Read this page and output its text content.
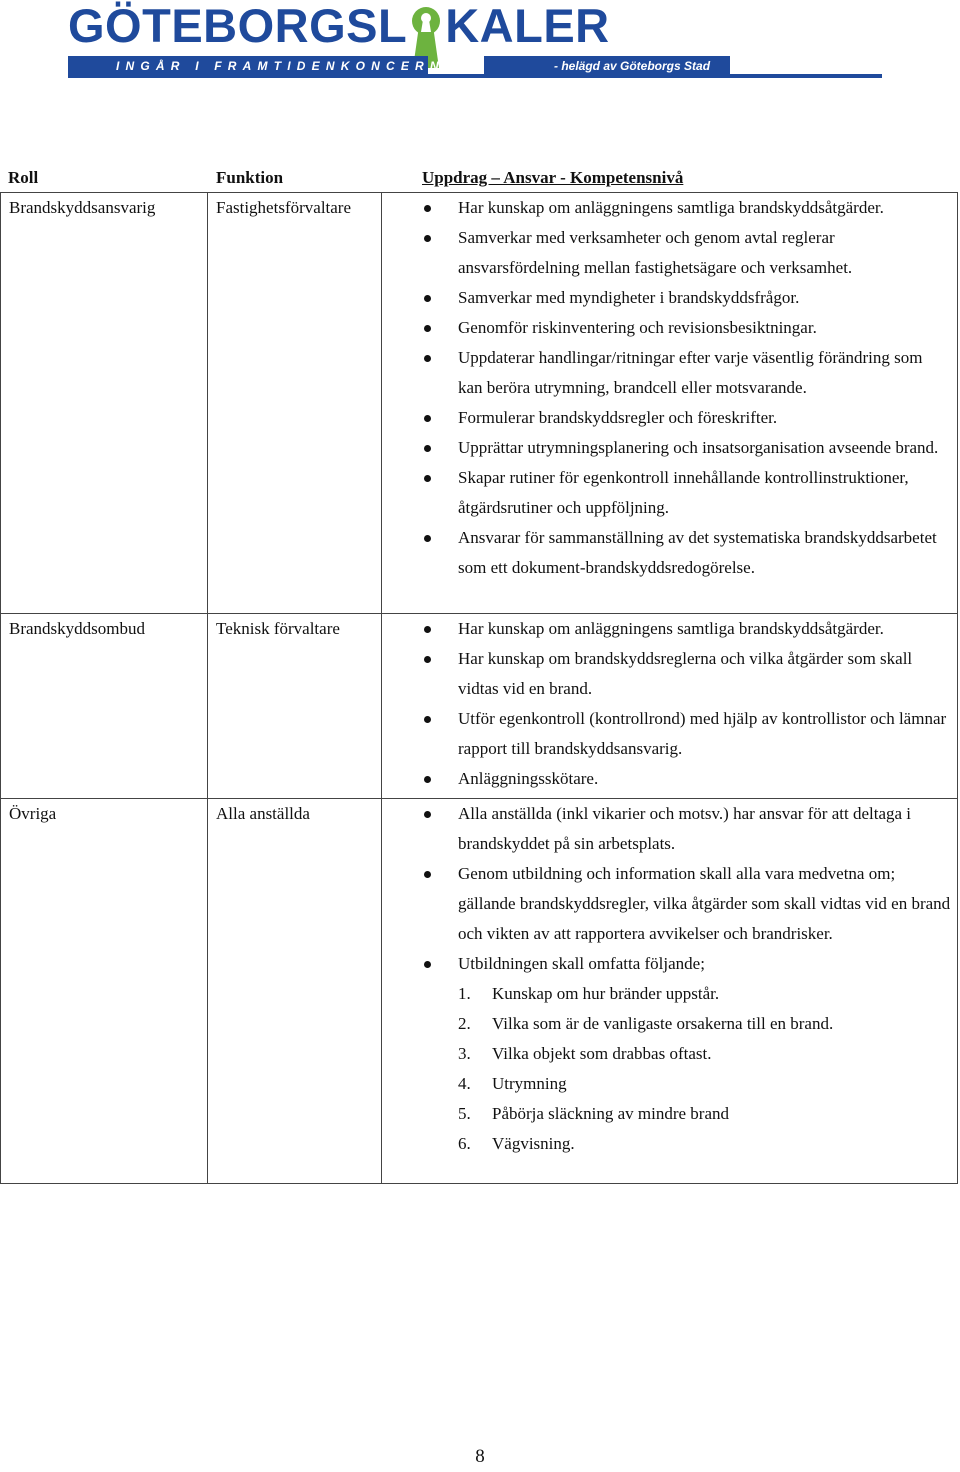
GÖTEBORGSL KALER
INGÅR I FRAMTIDENKONCERNEN	- helägd av Göteborgs Stad
Roll	Funktion	Uppdrag – Ansvar - Kompetensnivå
Brandskyddsansvarig	Fastighetsförvaltare	Har kunskap om anläggningens samtliga brandskyddsåtgärder.
Samverkar med verksamheter och genom avtal reglerar ansvarsfördelning mellan fastighetsägare och verksamhet.
Samverkar med myndigheter i brandskyddsfrågor.
Genomför riskinventering och revisionsbesiktningar.
Uppdaterar handlingar/ritningar efter varje väsentlig förändring som kan beröra utrymning, brandcell eller motsvarande.
Formulerar brandskyddsregler och föreskrifter.
Upprättar utrymningsplanering och insatsorganisation avseende brand.
Skapar rutiner för egenkontroll innehållande kontrollinstruktioner, åtgärdsrutiner och uppföljning.
Ansvarar för sammanställning av det systematiska brandskyddsarbetet som ett dokument-brandskyddsredogörelse.
Brandskyddsombud	Teknisk förvaltare	Har kunskap om anläggningens samtliga brandskyddsåtgärder.
Har kunskap om brandskyddsreglerna och vilka åtgärder som skall vidtas vid en brand.
Utför egenkontroll (kontrollrond) med hjälp av kontrollistor och lämnar rapport till brandskyddsansvarig.
Anläggningsskötare.
Övriga	Alla anställda	Alla anställda (inkl vikarier och motsv.) har ansvar för att deltaga i brandskyddet på sin arbetsplats.
Genom utbildning och information skall alla vara medvetna om; gällande brandskyddsregler, vilka åtgärder som skall vidtas vid en brand och vikten av att rapportera avvikelser och brandrisker.
Utbildningen skall omfatta följande;
1. Kunskap om hur bränder uppstår.
2. Vilka som är de vanligaste orsakerna till en brand.
3. Vilka objekt som drabbas oftast.
4. Utrymning
5. Påbörja släckning av mindre brand
6. Vägvisning.
8
